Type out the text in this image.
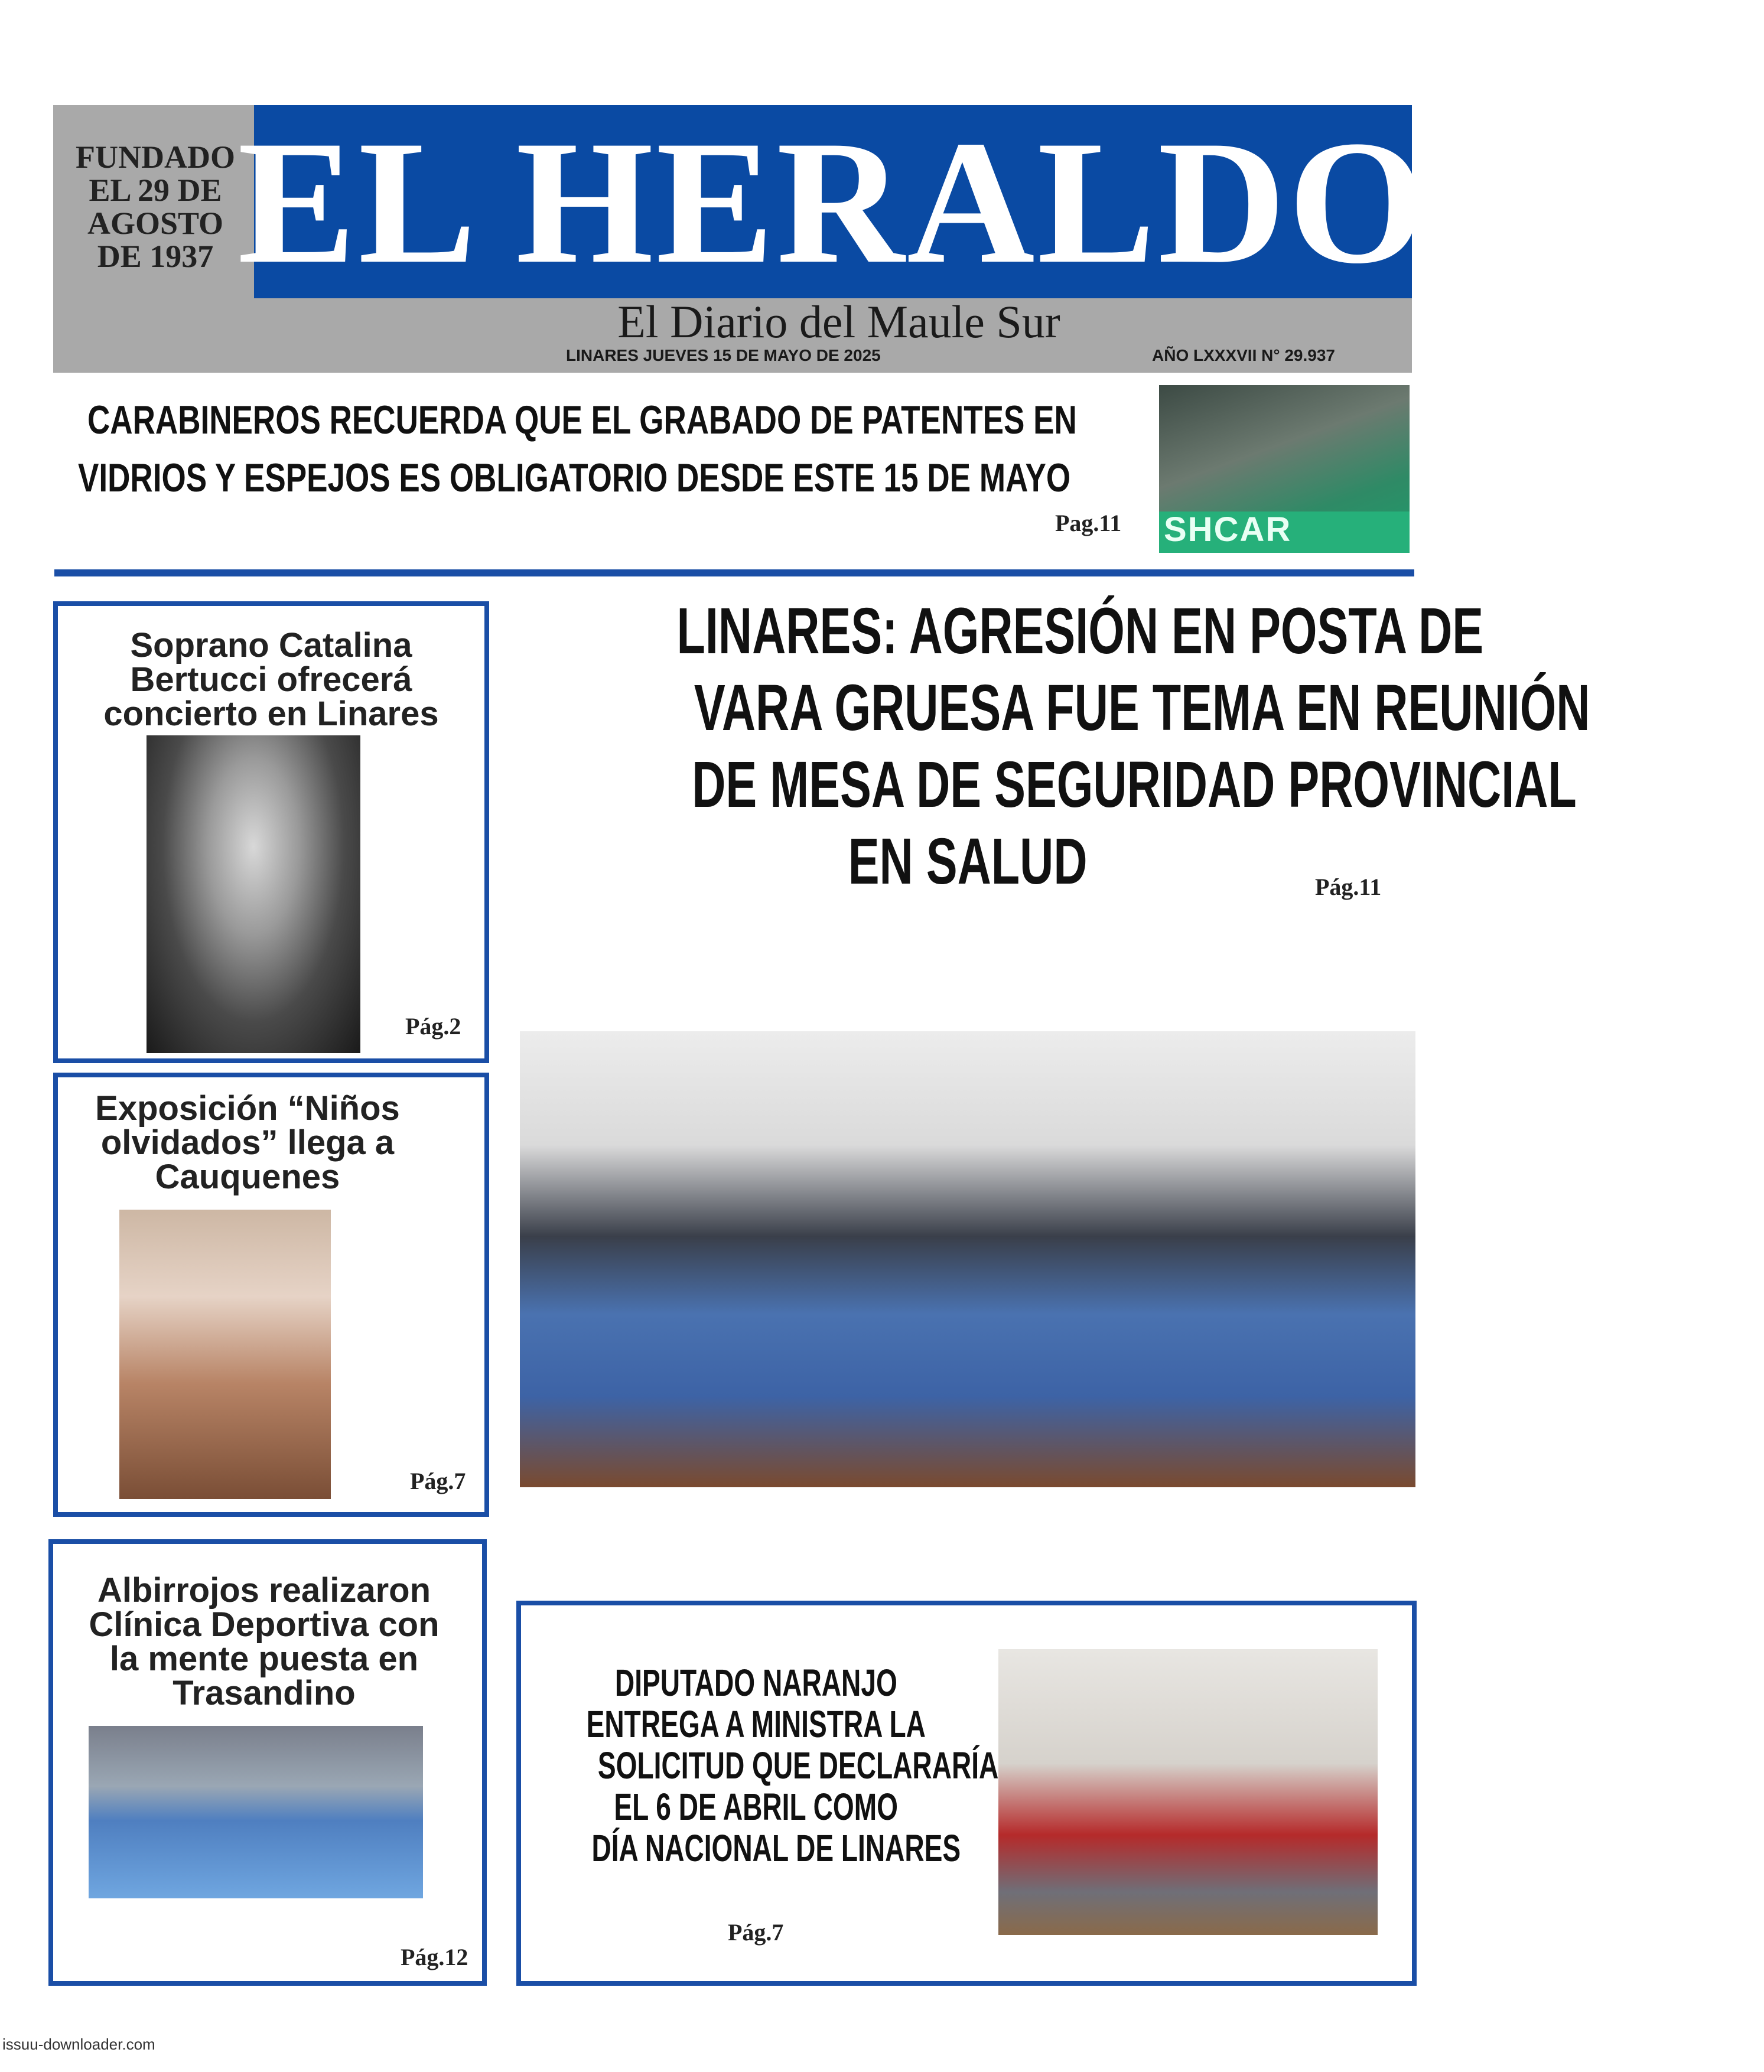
EL HERALDO
FUNDADO
EL 29 DE
AGOSTO
DE 1937
El Diario del Maule Sur
LINARES JUEVES 15 DE MAYO DE 2025	AÑO LXXXVII N° 29.937
CARABINEROS RECUERDA QUE EL GRABADO DE PATENTES EN
VIDRIOS Y ESPEJOS ES OBLIGATORIO DESDE ESTE 15 DE MAYO
Pag.11 SHCAR
Soprano Catalina
Bertucci ofrecerá
concierto en Linares
Pág.2
Exposición “Niños
olvidados” llega a
Cauquenes
Pág.7
Albirrojos realizaron
Clínica Deportiva con
la mente puesta en
Trasandino
Pág.12
LINARES: AGRESIÓN EN POSTA DE
VARA GRUESA FUE TEMA EN REUNIÓN
DE MESA DE SEGURIDAD PROVINCIAL
EN SALUD	Pág.11
DIPUTADO NARANJO
ENTREGA A MINISTRA LA
SOLICITUD QUE DECLARARÍA
EL 6 DE ABRIL COMO
DÍA NACIONAL DE LINARES
Pág.7
issuu-downloader.com
